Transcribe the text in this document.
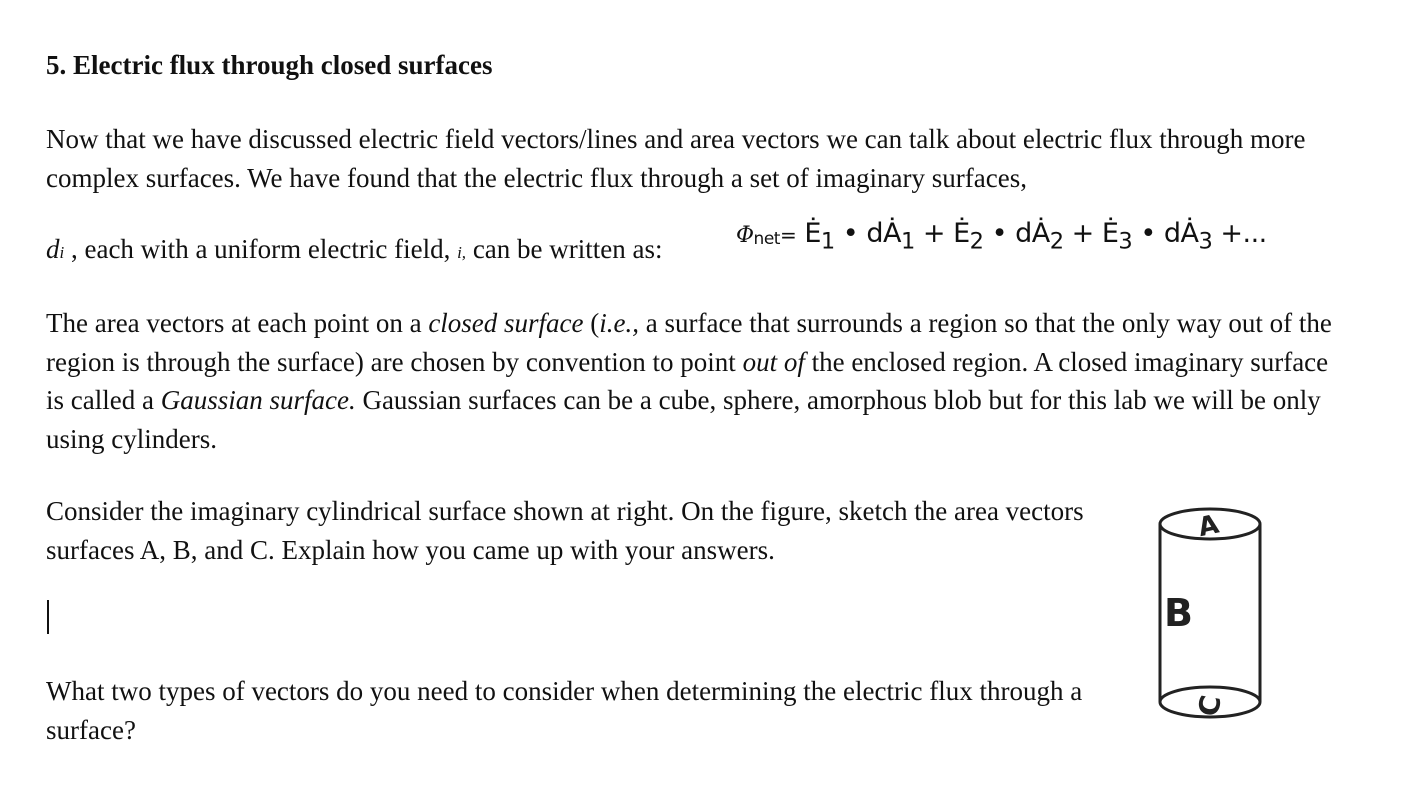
5. Electric flux through closed surfaces

Now that we have discussed electric field vectors/lines and area vectors we can talk about electric flux through more complex surfaces. We have found that the electric flux through a set of imaginary surfaces,

di , each with a uniform electric field, i, can be written as:

The area vectors at each point on a closed surface (i.e., a surface that surrounds a region so that the only way out of the region is through the surface) are chosen by convention to point out of the enclosed region. A closed imaginary surface is called a Gaussian surface. Gaussian surfaces can be a cube, sphere, amorphous blob but for this lab we will be only using cylinders.

Consider the imaginary cylindrical surface shown at right. On the figure, sketch the area vectors surfaces A, B, and C. Explain how you came up with your answers.

What two types of vectors do you need to consider when determining the electric flux through a surface?

$\Phi net= Ė_1$ • $dȦ_1$ + $Ė_2$ • $dȦ_2$ + $Ė_3$ • $dȦ_3$ +...
A
B
C
